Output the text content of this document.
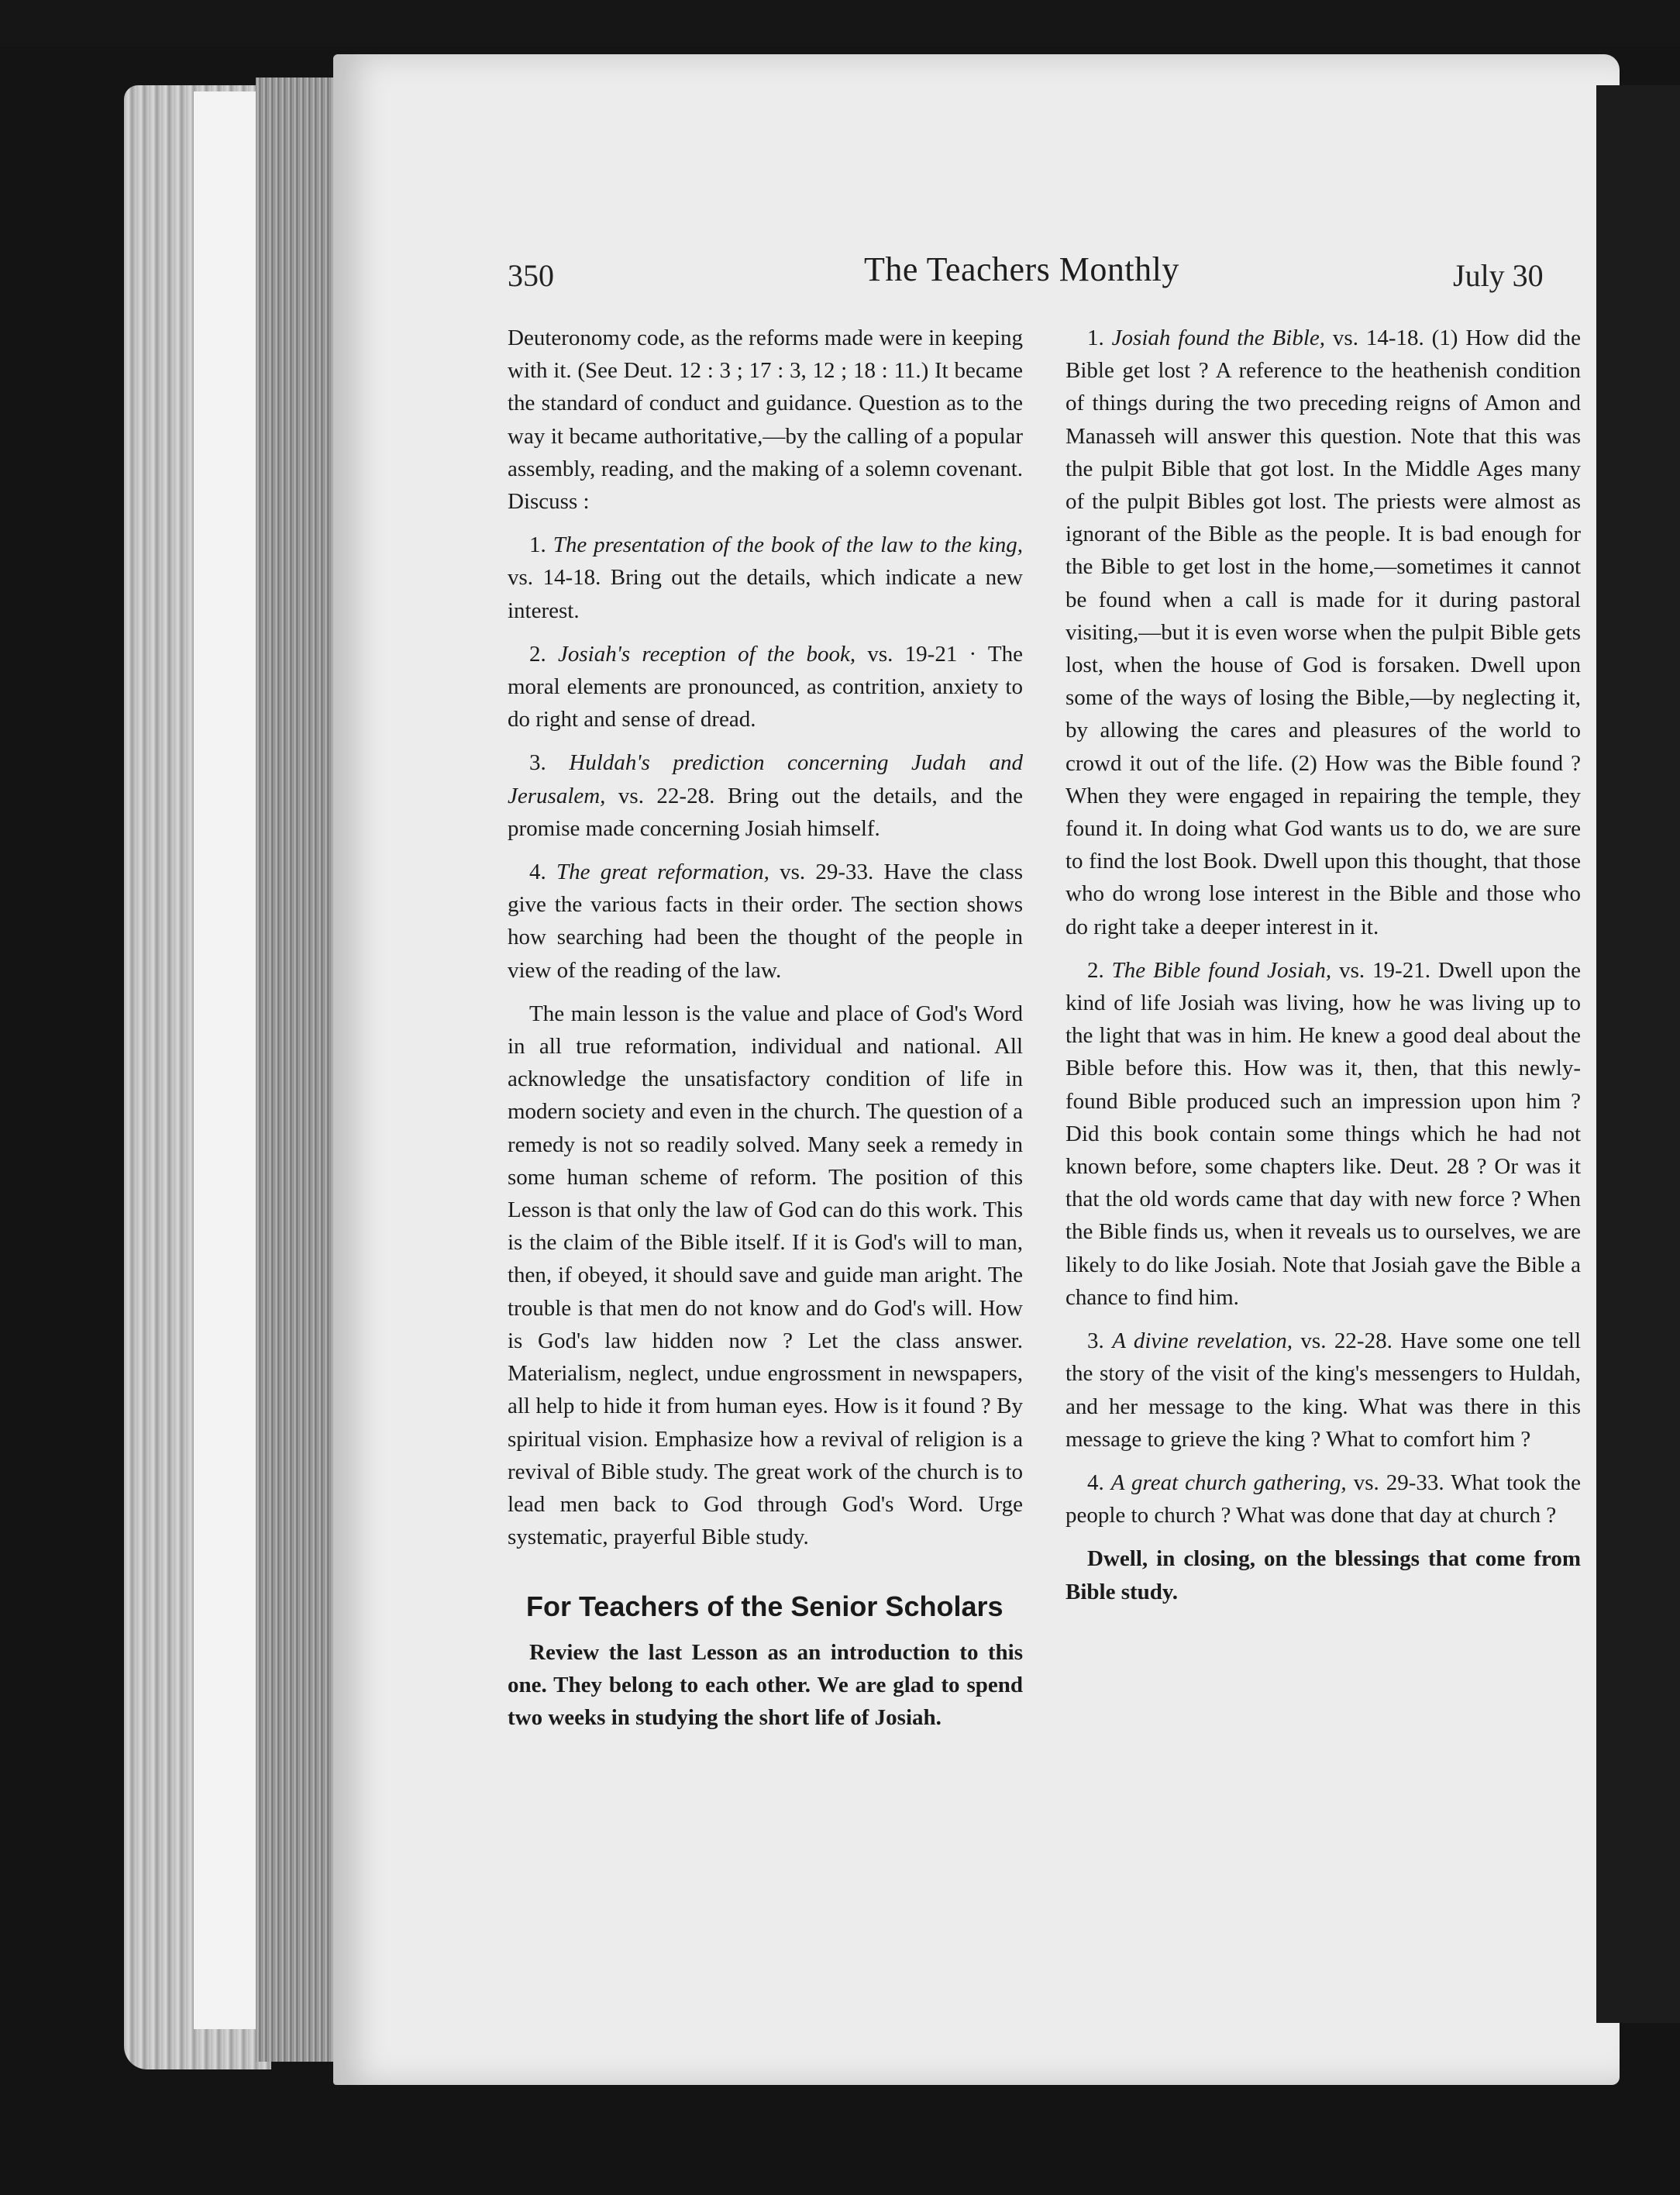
350	The Teachers Monthly	July 30

Deuteronomy code, as the reforms made were in keeping with it. (See Deut. 12 : 3 ; 17 : 3, 12 ; 18 : 11.) It became the standard of conduct and guidance. Question as to the way it became authoritative,—by the calling of a popular assembly, reading, and the making of a solemn covenant. Discuss :

1. The presentation of the book of the law to the king, vs. 14-18. Bring out the details, which indicate a new interest.

2. Josiah's reception of the book, vs. 19-21 · The moral elements are pronounced, as contrition, anxiety to do right and sense of dread.

3. Huldah's prediction concerning Judah and Jerusalem, vs. 22-28. Bring out the details, and the promise made concerning Josiah himself.

4. The great reformation, vs. 29-33. Have the class give the various facts in their order. The section shows how searching had been the thought of the people in view of the reading of the law.

The main lesson is the value and place of God's Word in all true reformation, individual and national. All acknowledge the unsatisfactory condition of life in modern society and even in the church. The question of a remedy is not so readily solved. Many seek a remedy in some human scheme of reform. The position of this Lesson is that only the law of God can do this work. This is the claim of the Bible itself. If it is God's will to man, then, if obeyed, it should save and guide man aright. The trouble is that men do not know and do God's will. How is God's law hidden now ? Let the class answer. Materialism, neglect, undue engrossment in newspapers, all help to hide it from human eyes. How is it found ? By spiritual vision. Emphasize how a revival of religion is a revival of Bible study. The great work of the church is to lead men back to God through God's Word. Urge systematic, prayerful Bible study.

For Teachers of the Senior Scholars

Review the last Lesson as an introduction to this one. They belong to each other. We are glad to spend two weeks in studying the short life of Josiah.

1. Josiah found the Bible, vs. 14-18. (1) How did the Bible get lost ? A reference to the heathenish condition of things during the two preceding reigns of Amon and Manasseh will answer this question. Note that this was the pulpit Bible that got lost. In the Middle Ages many of the pulpit Bibles got lost. The priests were almost as ignorant of the Bible as the people. It is bad enough for the Bible to get lost in the home,—sometimes it cannot be found when a call is made for it during pastoral visiting,—but it is even worse when the pulpit Bible gets lost, when the house of God is forsaken. Dwell upon some of the ways of losing the Bible,—by neglecting it, by allowing the cares and pleasures of the world to crowd it out of the life. (2) How was the Bible found ? When they were engaged in repairing the temple, they found it. In doing what God wants us to do, we are sure to find the lost Book. Dwell upon this thought, that those who do wrong lose interest in the Bible and those who do right take a deeper interest in it.

2. The Bible found Josiah, vs. 19-21. Dwell upon the kind of life Josiah was living, how he was living up to the light that was in him. He knew a good deal about the Bible before this. How was it, then, that this newly-found Bible produced such an impression upon him ? Did this book contain some things which he had not known before, some chapters like. Deut. 28 ? Or was it that the old words came that day with new force ? When the Bible finds us, when it reveals us to ourselves, we are likely to do like Josiah. Note that Josiah gave the Bible a chance to find him.

3. A divine revelation, vs. 22-28. Have some one tell the story of the visit of the king's messengers to Huldah, and her message to the king. What was there in this message to grieve the king ? What to comfort him ?

4. A great church gathering, vs. 29-33. What took the people to church ? What was done that day at church ?

Dwell, in closing, on the blessings that come from Bible study.
